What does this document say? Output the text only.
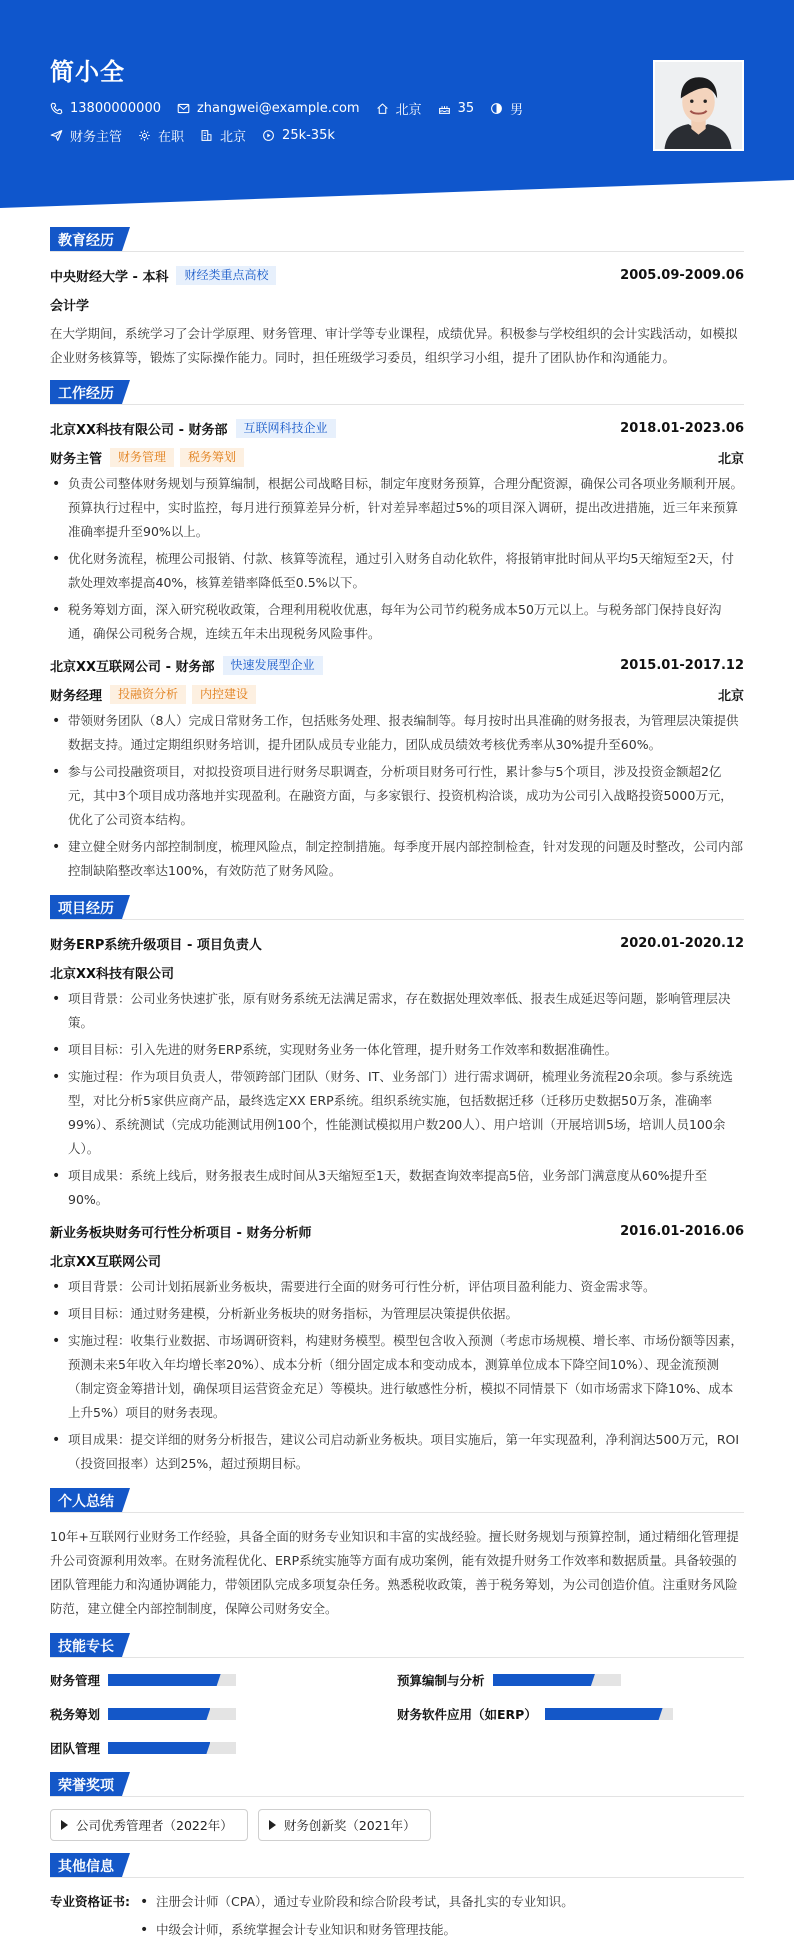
简小全
13800000000	zhangwei@example.com	北京	35	男
财务主管	在职	北京	25k-35k
教育经历
中央财经大学 - 本科	财经类重点高校	2005.09-2009.06
会计学
在大学期间，系统学习了会计学原理、财务管理、审计学等专业课程，成绩优异。积极参与学校组织的会计实践活动，如模拟企业财务核算等，锻炼了实际操作能力。同时，担任班级学习委员，组织学习小组，提升了团队协作和沟通能力。
工作经历
北京XX科技有限公司 - 财务部	互联网科技企业	2018.01-2023.06
财务主管	财务管理	税务筹划	北京
• 负责公司整体财务规划与预算编制，根据公司战略目标，制定年度财务预算，合理分配资源，确保公司各项业务顺利开展。预算执行过程中，实时监控，每月进行预算差异分析，针对差异率超过5%的项目深入调研，提出改进措施，近三年来预算准确率提升至90%以上。
• 优化财务流程，梳理公司报销、付款、核算等流程，通过引入财务自动化软件，将报销审批时间从平均5天缩短至2天，付款处理效率提高40%，核算差错率降低至0.5%以下。
• 税务筹划方面，深入研究税收政策，合理利用税收优惠，每年为公司节约税务成本50万元以上。与税务部门保持良好沟通，确保公司税务合规，连续五年未出现税务风险事件。
北京XX互联网公司 - 财务部	快速发展型企业	2015.01-2017.12
财务经理	投融资分析	内控建设	北京
• 带领财务团队（8人）完成日常财务工作，包括账务处理、报表编制等。每月按时出具准确的财务报表，为管理层决策提供数据支持。通过定期组织财务培训，提升团队成员专业能力，团队成员绩效考核优秀率从30%提升至60%。
• 参与公司投融资项目，对拟投资项目进行财务尽职调查，分析项目财务可行性，累计参与5个项目，涉及投资金额超2亿元，其中3个项目成功落地并实现盈利。在融资方面，与多家银行、投资机构洽谈，成功为公司引入战略投资5000万元，优化了公司资本结构。
• 建立健全财务内部控制制度，梳理风险点，制定控制措施。每季度开展内部控制检查，针对发现的问题及时整改，公司内部控制缺陷整改率达100%，有效防范了财务风险。
项目经历
财务ERP系统升级项目 - 项目负责人	2020.01-2020.12
北京XX科技有限公司
• 项目背景：公司业务快速扩张，原有财务系统无法满足需求，存在数据处理效率低、报表生成延迟等问题，影响管理层决策。
• 项目目标：引入先进的财务ERP系统，实现财务业务一体化管理，提升财务工作效率和数据准确性。
• 实施过程：作为项目负责人，带领跨部门团队（财务、IT、业务部门）进行需求调研，梳理业务流程20余项。参与系统选型，对比分析5家供应商产品，最终选定XX ERP系统。组织系统实施，包括数据迁移（迁移历史数据50万条，准确率99%）、系统测试（完成功能测试用例100个，性能测试模拟用户数200人）、用户培训（开展培训5场，培训人员100余人）。
• 项目成果：系统上线后，财务报表生成时间从3天缩短至1天，数据查询效率提高5倍，业务部门满意度从60%提升至90%。
新业务板块财务可行性分析项目 - 财务分析师	2016.01-2016.06
北京XX互联网公司
• 项目背景：公司计划拓展新业务板块，需要进行全面的财务可行性分析，评估项目盈利能力、资金需求等。
• 项目目标：通过财务建模，分析新业务板块的财务指标，为管理层决策提供依据。
• 实施过程：收集行业数据、市场调研资料，构建财务模型。模型包含收入预测（考虑市场规模、增长率、市场份额等因素，预测未来5年收入年均增长率20%）、成本分析（细分固定成本和变动成本，测算单位成本下降空间10%）、现金流预测（制定资金筹措计划，确保项目运营资金充足）等模块。进行敏感性分析，模拟不同情景下（如市场需求下降10%、成本上升5%）项目的财务表现。
• 项目成果：提交详细的财务分析报告，建议公司启动新业务板块。项目实施后，第一年实现盈利，净利润达500万元，ROI（投资回报率）达到25%，超过预期目标。
个人总结
10年+互联网行业财务工作经验，具备全面的财务专业知识和丰富的实战经验。擅长财务规划与预算控制，通过精细化管理提升公司资源利用效率。在财务流程优化、ERP系统实施等方面有成功案例，能有效提升财务工作效率和数据质量。具备较强的团队管理能力和沟通协调能力，带领团队完成多项复杂任务。熟悉税收政策，善于税务筹划，为公司创造价值。注重财务风险防范，建立健全内部控制制度，保障公司财务安全。
技能专长
财务管理	预算编制与分析
税务筹划	财务软件应用（如ERP）
团队管理
荣誉奖项
公司优秀管理者（2022年）	财务创新奖（2021年）
其他信息
专业资格证书:
•	注册会计师（CPA），通过专业阶段和综合阶段考试，具备扎实的专业知识。
• 中级会计师，系统掌握会计专业知识和财务管理技能。
